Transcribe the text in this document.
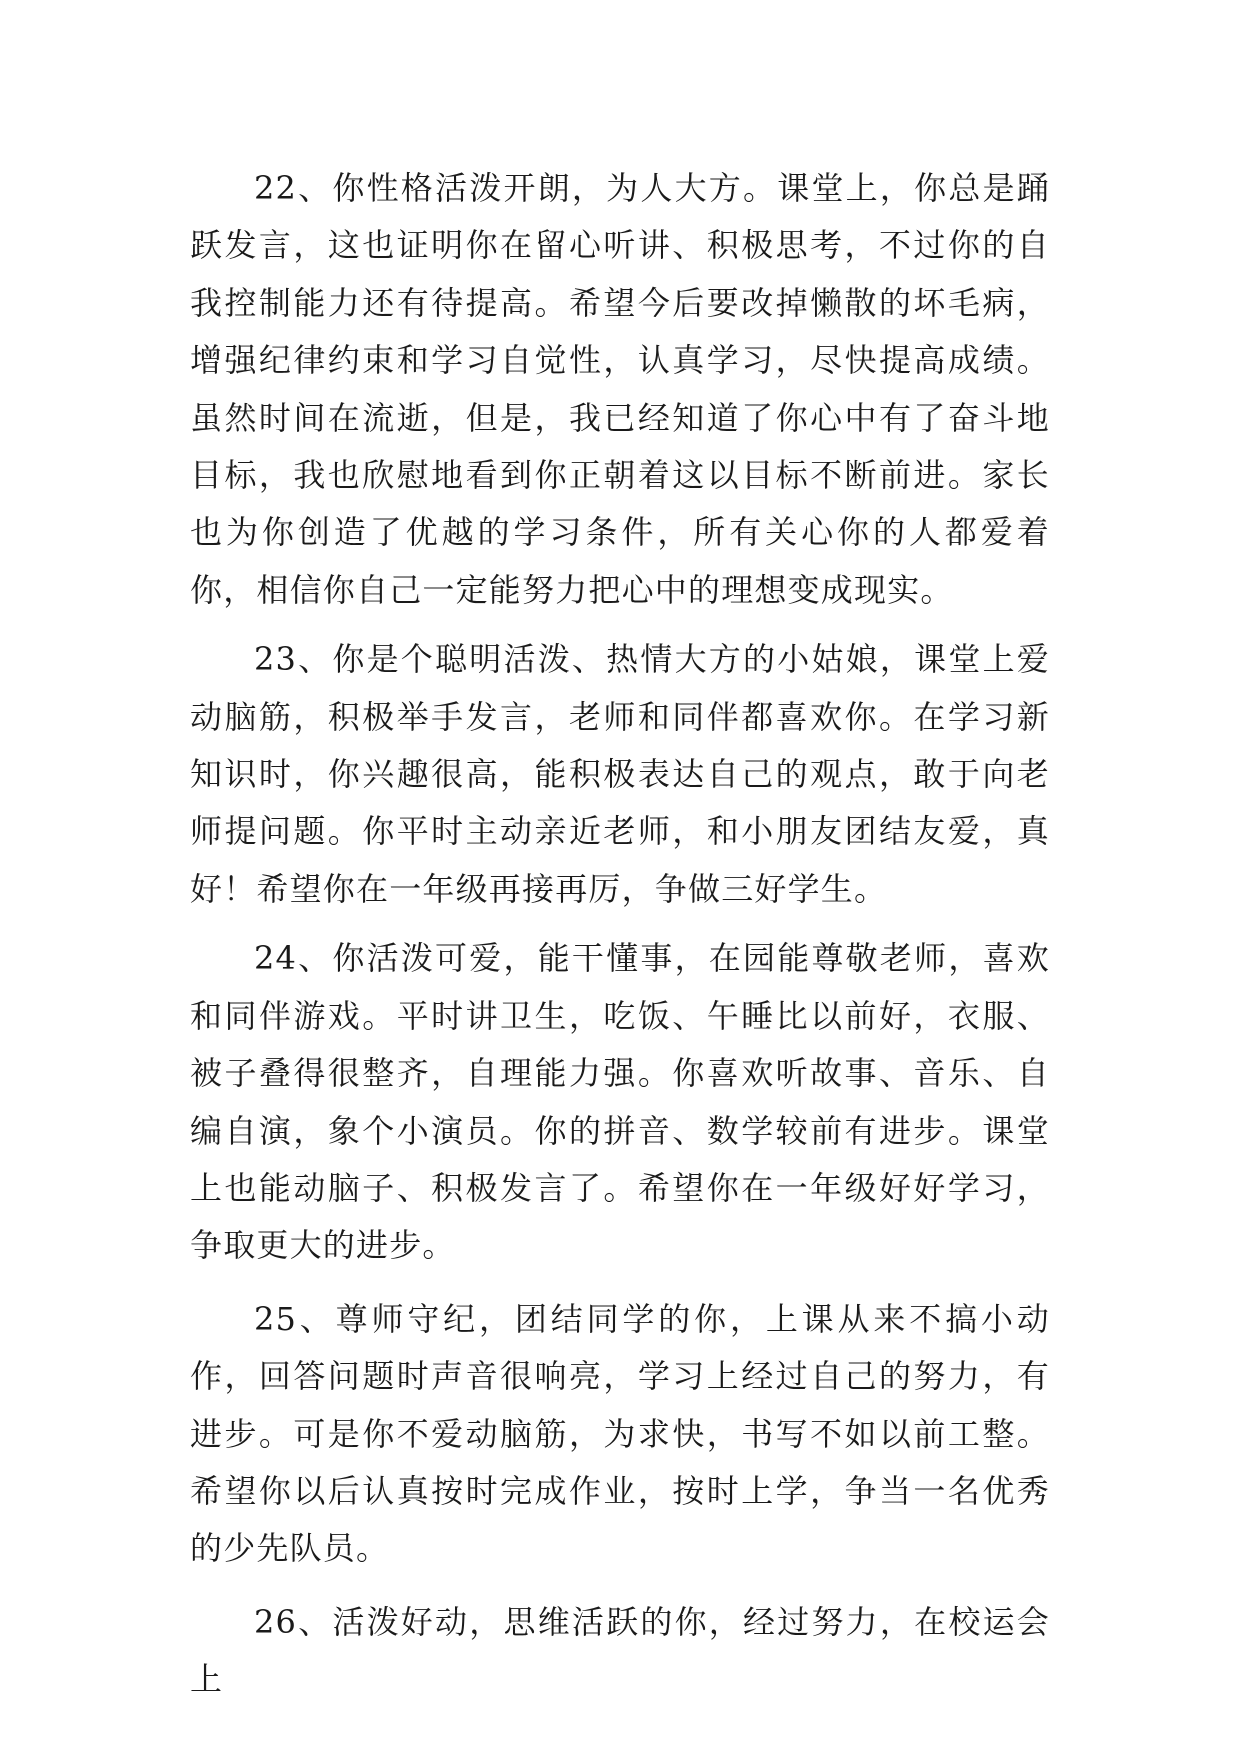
22、你性格活泼开朗，为人大方。课堂上，你总是踊跃发言，这也证明你在留心听讲、积极思考，不过你的自我控制能力还有待提高。希望今后要改掉懒散的坏毛病，增强纪律约束和学习自觉性，认真学习，尽快提高成绩。虽然时间在流逝，但是，我已经知道了你心中有了奋斗地目标，我也欣慰地看到你正朝着这以目标不断前进。家长也为你创造了优越的学习条件，所有关心你的人都爱着你，相信你自己一定能努力把心中的理想变成现实。

23、你是个聪明活泼、热情大方的小姑娘，课堂上爱动脑筋，积极举手发言，老师和同伴都喜欢你。在学习新知识时，你兴趣很高，能积极表达自己的观点，敢于向老师提问题。你平时主动亲近老师，和小朋友团结友爱，真好！希望你在一年级再接再厉，争做三好学生。

24、你活泼可爱，能干懂事，在园能尊敬老师，喜欢和同伴游戏。平时讲卫生，吃饭、午睡比以前好，衣服、被子叠得很整齐，自理能力强。你喜欢听故事、音乐、自编自演，象个小演员。你的拼音、数学较前有进步。课堂上也能动脑子、积极发言了。希望你在一年级好好学习，争取更大的进步。

25、尊师守纪，团结同学的你，上课从来不搞小动作，回答问题时声音很响亮，学习上经过自己的努力，有进步。可是你不爱动脑筋，为求快，书写不如以前工整。希望你以后认真按时完成作业，按时上学，争当一名优秀的少先队员。

26、活泼好动，思维活跃的你，经过努力，在校运会上
